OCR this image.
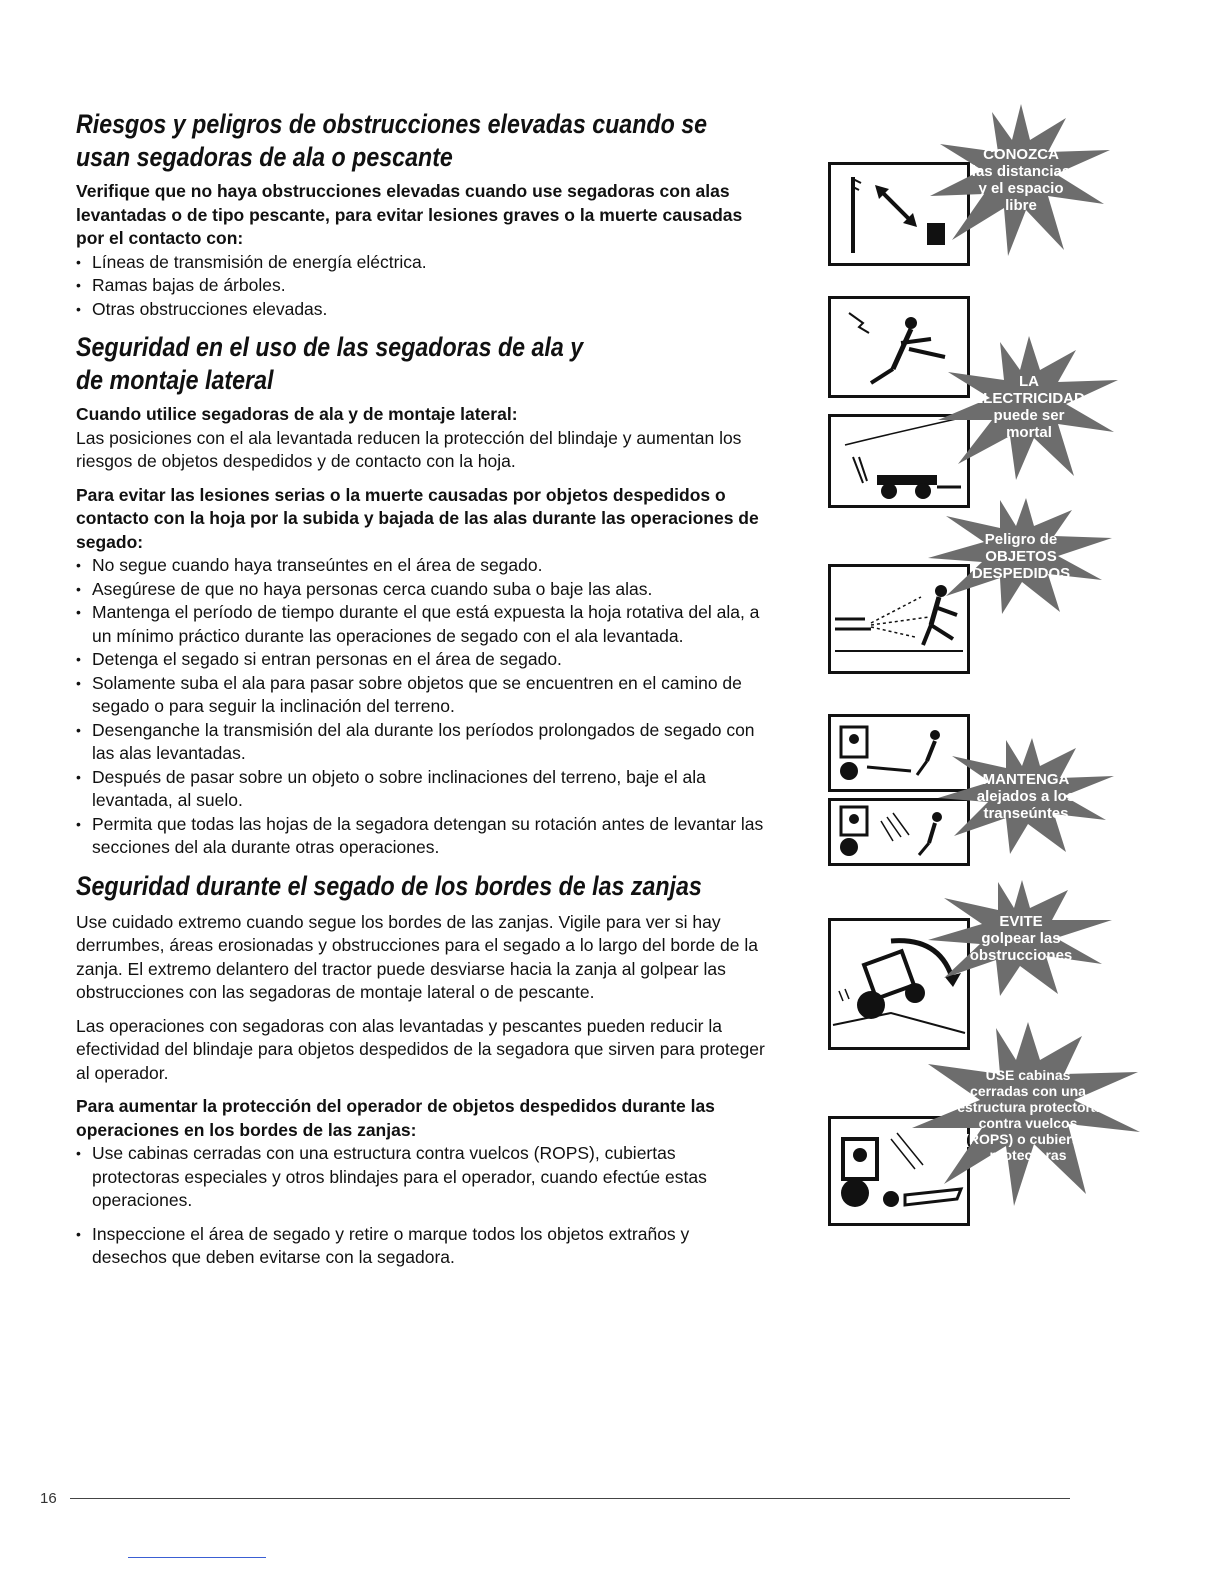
Riesgos y peligros de obstrucciones elevadas cuando se
usan segadoras de ala o pescante

Verifique que no haya obstrucciones elevadas cuando use segadoras con alas levantadas o de tipo pescante, para evitar lesiones graves o la muerte causadas por el contacto con:

• Líneas de transmisión de energía eléctrica.
• Ramas bajas de árboles.
• Otras obstrucciones elevadas.
Seguridad en el uso de las segadoras de ala y
de montaje lateral

Cuando utilice segadoras de ala y de montaje lateral:

Las posiciones con el ala levantada reducen la protección del blindaje y aumentan los riesgos de objetos despedidos y de contacto con la hoja.

Para evitar las lesiones serias o la muerte causadas por objetos despedidos o contacto con la hoja por la subida y bajada de las alas durante las operaciones de segado:

• No segue cuando haya transeúntes en el área de segado.
• Asegúrese de que no haya personas cerca cuando suba o baje las alas.
• Mantenga el período de tiempo durante el que está expuesta la hoja rotativa del ala, a un mínimo práctico durante las operaciones de segado con el ala levantada.
• Detenga el segado si entran personas en el área de segado.
• Solamente suba el ala para pasar sobre objetos que se encuentren en el camino de segado o para seguir la inclinación del terreno.
• Desenganche la transmisión del ala durante los períodos prolongados de segado con las alas levantadas.
• Después de pasar sobre un objeto o sobre inclinaciones del terreno, baje el ala levantada, al suelo.
• Permita que todas las hojas de la segadora detengan su rotación antes de levantar las secciones del ala durante otras operaciones.
Seguridad durante el segado de los bordes de las zanjas

Use cuidado extremo cuando segue los bordes de las zanjas. Vigile para ver si hay derrumbes, áreas erosionadas y obstrucciones para el segado a lo largo del borde de la zanja. El extremo delantero del tractor puede desviarse hacia la zanja al golpear las obstrucciones con las segadoras de montaje lateral o de pescante.

Las operaciones con segadoras con alas levantadas y pescantes pueden reducir la efectividad del blindaje para objetos despedidos de la segadora que sirven para proteger al operador.

Para aumentar la protección del operador de objetos despedidos durante las operaciones en los bordes de las zanjas:

• Use cabinas cerradas con una estructura contra vuelcos (ROPS), cubiertas protectoras especiales y otros blindajes para el operador, cuando efectúe estas operaciones.
• Inspeccione el área de segado y retire o marque todos los objetos extraños y desechos que deben evitarse con la segadora.
CONOZCA
las distancias
y el espacio
libre
LA
ELECTRICIDAD
puede ser
mortal
Peligro de
OBJETOS
DESPEDIDOS
MANTENGA
alejados a los
transeúntes
EVITE
golpear las
obstrucciones
USE cabinas
cerradas con una
estructura protectora
contra vuelcos
(ROPS) o cubiertas
protectoras
16
